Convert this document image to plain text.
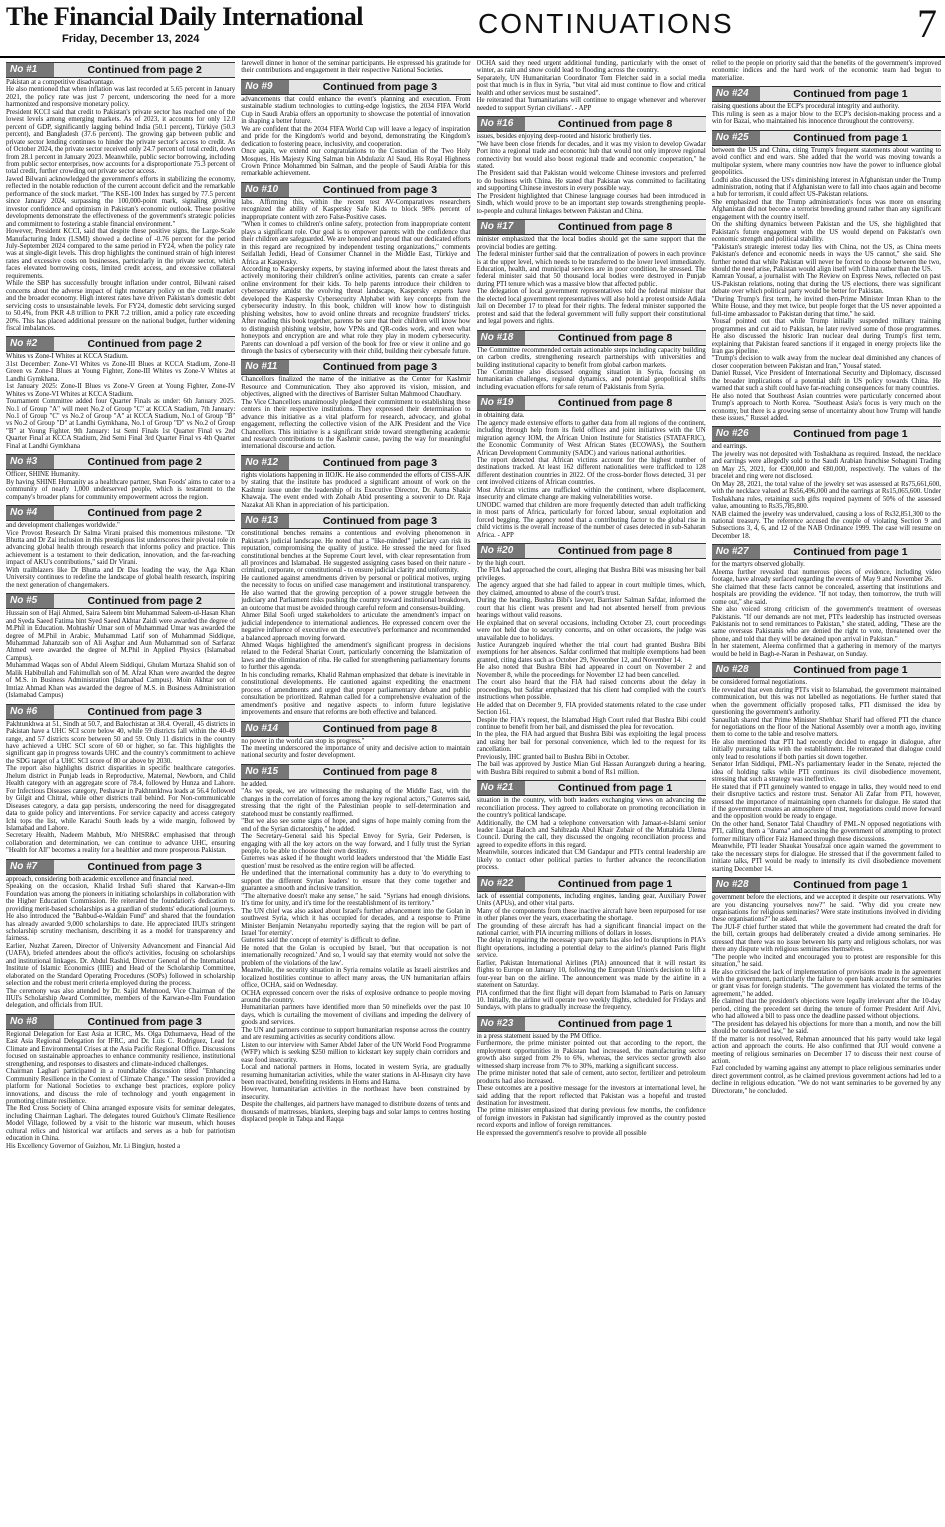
The Financial Daily International
Friday, December 13, 2024	CONTINUATIONS	7
No #1	Continued from page 2

Pakistan at a competitive disadvantage.

He also mentioned that when inflation was last recorded at 5.65 percent in January 2021, the policy rate was just 7 percent, underscoring the need for a more harmonized and responsive monetary policy.

President KCCI said that credit to Pakistan's private sector has reached one of the lowest levels among emerging markets. As of 2023, it accounts for only 12.0 percent of GDP, significantly lagging behind India (50.1 percent), Türkiye (50.3 percent), and Bangladesh (37.6 percent). The growing gap between public and private sector lending continues to hinder the private sector's access to credit. As of October 2024, the private sector received only 24.7 percent of total credit, down from 28.1 percent in January 2023. Meanwhile, public sector borrowing, including from public sector enterprises, now accounts for a disproportionate 75.3 percent of total credit, further crowding out private sector access.

Jawed Bilwani acknowledged the government's efforts in stabilizing the economy, reflected in the notable reduction of the current account deficit and the remarkable performance of the stock market. "The KSE-100 Index has surged by 77.5 percent since January 2024, surpassing the 100,000-point mark, signaling growing investor confidence and optimism in Pakistan's economic outlook. These positive developments demonstrate the effectiveness of the government's strategic policies and commitment to fostering a stable financial environment."

However, President KCCI, said that despite these positive signs, the Large-Scale Manufacturing Index (LSMI) showed a decline of -0.76 percent for the period July-September 2024 compared to the same period in FY24, when the policy rate was at single-digit levels. This drop highlights the continued strain of high interest rates and excessive costs on businesses, particularly in the private sector, which faces elevated borrowing costs, limited credit access, and excessive collateral requirements.

While the SBP has successfully brought inflation under control, Bilwani raised concerns about the adverse impact of tight monetary policy on the credit market and the broader economy. High interest rates have driven Pakistan's domestic debt servicing costs to unsustainable levels. For FY24, domestic debt servicing surged to 50.4%, from PKR 4.8 trillion to PKR 7.2 trillion, amid a policy rate exceeding 20%. This has placed additional pressure on the national budget, further widening fiscal imbalances.

No #2	Continued from page 2

Whites vs Zone-I Whites at KCCA Stadium.

31st December: Zone-VI Whites vs Zone-III Blues at KCCA Stadium, Zone-II Green vs Zone-I Blues at Young Fighter, Zone-III Whites vs Zone-V Whites at Landhi Gymkhana.

1st January 2025: Zone-II Blues vs Zone-V Green at Young Fighter, Zone-IV Whites vs Zone-VI Whites at KCCA Stadium.

Tournament Committee added four Quarter Finals as under: 6th January 2025. No.1 of Group "A" will meet No.2 of Group "C" at KCCA Stadium, 7th January: No.1 of Group "C" vs No.2 of Group "A" at KCCA Stadium, No.1 of Group "B" vs No.2 of Group "D" at Landhi Gymkhana, No.1 of Group "D" vs No.2 of Group "B" at Young Fighter. 9th January: 1st Semi Finals 1st Quarter Final vs 2nd Quarter Final at KCCA Stadium, 2nd Semi Final 3rd Quarter Final vs 4th Quarter Final at Landhi Gymkhana

No #3	Continued from page 2

Officer, SHINE Humanity.

By having SHINE Humanity as a healthcare partner, Shan Foods' aims to cater to a community of nearly 1,000 underserved people, which is testament to the company's broader plans for community empowerment across the region.

No #4	Continued from page 2

and development challenges worldwide."

Vice Provost Research Dr Salma Virani praised this momentous milestone. "Dr Bhutta and Dr Zai inclusion in this prestigious list underscores their pivotal role in advancing global health through research that informs policy and practice. This achievement is a testament to their dedication, innovation, and the far-reaching impact of AKU's contributions," said Dr Virani.

With trailblazers like Dr Bhutta and Dr Das leading the way, the Aga Khan University continues to redefine the landscape of global health research, inspiring the next generation of changemakers.

No #5	Continued from page 2

Hussain son of Haji Ahmed, Saira Saleem bint Muhammad Saleem-ul-Hasan Khan and Syeda Saeed Fatima bint Syed Saeed Akhtar Zaidi were awarded the degree of M.Phil in Education. Mohtashir Umar son of Muhammad Umar was awarded the degree of M.Phil in Arabic. Muhammad Latif son of Muhammad Siddique, Muhammad Jahanzaib son of Ali Asghar and Aun Muhammad son of Sarfaraz Ahmed were awarded the degree of M.Phil in Applied Physics (Islamabad Campus).

Muhammad Waqas son of Abdul Aleem Siddiqui, Ghulam Murtaza Shahid son of Malik Habibullah and Fahimullah son of M. Afzal Khan were awarded the degree of M.S. in Business Administration (Islamabad Campus). Moin Akhtar son of Imtiaz Ahmad Khan was awarded the degree of M.S. in Business Administration (Islamabad Campus)

No #6	Continued from page 3

Pakhtunkhwa at 51, Sindh at 50.7, and Balochistan at 38.4. Overall, 45 districts in Pakistan have a UHC SCI score below 40, while 59 districts fall within the 40-49 range, and 57 districts score between 50 and 59. Only 11 districts in the country have achieved a UHC SCI score of 60 or higher, so far. This highlights the significant gap in progress towards UHC and the country's commitment to achieve the SDG target of a UHC SCI score of 80 or above by 2030.

The report also highlights district disparities in specific healthcare categories. Jhelum district in Punjab leads in Reproductive, Maternal, Newborn, and Child Health category with an aggregate score of 78.4, followed by Hunza and Lahore. For Infectious Diseases category, Peshawar in Pakhtunkhwa leads at 56.4 followed by Gilgit and Chitral, while other districts trail behind. For Non-communicable Diseases category, a data gap persists, underscoring the need for disaggregated data to guide policy and interventions. For service capacity and access category Ichi tops the list, while Karachi South leads by a wide margin, followed by Islamabad and Lahore.

Secretary Health, Nadeem Mahbub, M/o NHSR&C emphasised that through collaboration and determination, we can continue to advance UHC, ensuring "Health for All" becomes a reality for a healthier and more prosperous Pakistan.

No #7	Continued from page 3

approach, considering both academic excellence and financial need.

Speaking on the occasion, Khalid Irshad Sufi shared that Karwan-e-Ilm Foundation was among the pioneers in initiating scholarships in collaboration with the Higher Education Commission. He reiterated the foundation's dedication to providing merit-based scholarships as a guardian of students' educational journeys. He also introduced the "Bahbud-e-Waldain Fund" and shared that the foundation has already awarded 9,000 scholarships to date. He appreciated IIUI's stringent scholarship scrutiny mechanism, describing it as a model for transparency and fairness.

Earlier, Nuzhat Zareen, Director of University Advancement and Financial Aid (UAFA), briefed attendees about the office's activities, focusing on scholarships and institutional linkages. Dr. Abdul Rashid, Director General of the International Institute of Islamic Economics (IIIE) and Head of the Scholarship Committee, elaborated on the Standard Operating Procedures (SOPs) followed in scholarship selection and the robust merit criteria employed during the process.

The ceremony was also attended by Dr. Sajid Mehmood, Vice Chairman of the IIUI's Scholarship Award Committee, members of the Karwan-e-Ilm Foundation delegation, and officials from IIUI.

No #8	Continued from page 3

Regional Delegation for East Asia at ICRC, Ms. Olga Dzhumaeva, Head of the East Asia Regional Delegation for IFRC, and Dr. Luis C. Rodriguez, Lead for Climate and Environmental Crises at the Asia Pacific Regional Office. Discussions focused on sustainable approaches to enhance community resilience, institutional strengthening, and responses to disasters and climate-induced challenges.

Chairman Laghari participated in a roundtable discussion titled "Enhancing Community Resilience in the Context of Climate Change." The session provided a platform for National Societies to exchange best practices, explore policy innovations, and discuss the role of technology and youth engagement in promoting climate resilience.

The Red Cross Society of China arranged exposure visits for seminar delegates, including Chairman Laghari. The delegates toured Guizhou's Climate Resilience Model Village, followed by a visit to the historic war museum, which houses cultural relics and historical war artifacts and serves as a hub for patriotism education in China.

His Excellency Governor of Guizhou, Mr. Li Bingjun, hosted a

farewell dinner in honor of the seminar participants. He expressed his gratitude for their contributions and engagement in their respective National Societies.

No #9	Continued from page 3

advancements that could enhance the event's planning and execution. From sustainable stadium technologies to cutting-edge logistics, the 2034 FIFA World Cup in Saudi Arabia offers an opportunity to showcase the potential of innovation in shaping a better future.

We are confident that the 2034 FIFA World Cup will leave a legacy of inspiration and pride for the Kingdom's world and beyond, demonstrating the Kingdom's dedication to fostering peace, inclusivity, and cooperation.

Once again, we extend our congratulations to the Custodian of the Two Holy Mosques, His Majesty King Salman bin Abdulaziz Al Saud, His Royal Highness Crown Prince Mohammed bin Salman, and the people of Saudi Arabia for this remarkable achievement.

No #10	Continued from page 3

labs. Affirming this, within the recent test AV-Comparatives researchers recognized the ability of Kaspersky Safe Kids to block 98% percent of inappropriate content with zero False-Positive cases.

"When it comes to children's online safety, protection from inappropriate content plays a significant role. Our goal is to empower parents with the confidence that their children are safeguarded. We are honored and proud that our dedicated efforts in this regard are recognized by independent testing organizations," comments Seifallah Jedidi, Head of Consumer Channel in the Middle East, Türkiye and Africa at Kaspersky.

According to Kaspersky experts, by staying informed about the latest threats and actively monitoring their children's online activities, parents can create a safer online environment for their kids. To help parents introduce their children to cybersecurity amidst the evolving threat landscape, Kaspersky experts have developed the Kaspersky Cybersecurity Alphabet with key concepts from the cybersecurity industry. In this book, children will know how to distinguish phishing websites, how to avoid online threats and recognize fraudsters' tricks. After reading this book together, parents be sure that their children will know how to distinguish phishing website, how VPNs and QR-codes work, and even what honeypots and encryption are and what role they play in modern cybersecurity. Parents can download a pdf version of the book for free or view it online and go through the basics of cybersecurity with their child, building their cybersafe future.

No #11	Continued from page 3

Chancellors finalized the name of the initiative as the Center for Kashmir Resource and Communication. They also approved its vision, mission, and objectives, aligned with the directives of Barrister Sultan Mahmood Chaudhary.

The Vice Chancellors unanimously pledged their commitment to establishing these centers in their respective institutions. They expressed their determination to advance this initiative as a vital platform for research, advocacy, and global engagement, reflecting the collective vision of the AJK President and the Vice Chancellors. This initiative is a significant stride toward strengthening academic and research contributions to the Kashmir cause, paving the way for meaningful international discourse and action.

No #12	Continued from page 3

rights violations happening in IIOJK. He also commended the efforts of CISS-AJK by stating that the institute has produced a significant amount of work on the Kashmir issue under the leadership of its Executive Director, Dr. Asma Shakir Khawaja. The event ended with Zohaib Abid presenting a souvenir to Dr. Raja Nazakat Ali Khan in appreciation of his participation.

No #13	Continued from page 3

constitutional benches remains a contentious and evolving phenomenon in Pakistan's judicial landscape. He noted that a "like-minded" judiciary can risk its reputation, compromising the quality of justice. He stressed the need for fixed constitutional benches at the Supreme Court level, with clear representation from all provinces and Islamabad. He suggested assigning cases based on their nature - criminal, corporate, or constitutional - to ensure judicial clarity and uniformity.

He cautioned against amendments driven by personal or political motives, urging the necessity to focus on unified case management and institutional transparency. He also warned that the growing perception of a power struggle between the judiciary and Parliament risks pushing the country toward institutional breakdown, an outcome that must be avoided through careful reform and consensus-building.

Ahmer Bilal Soofi urged stakeholders to articulate the amendment's impact on judicial independence to international audiences. He expressed concern over the negative influence of executive on the executive's performance and recommended a balanced approach moving forward.

Ahmed Waqas highlighted the amendment's significant progress in decisions related to the Federal Shariat Court, particularly concerning the Islamization of laws and the elimination of riba. He called for strengthening parliamentary forums to further this agenda.

In his concluding remarks, Khalid Rahman emphasized that debate is inevitable in constitutional developments. He cautioned against expediting the enactment process of amendments and urged that proper parliamentary debate and public consultation be prioritized. Rahman called for a comprehensive evaluation of the amendment's positive and negative aspects to inform future legislative improvements and ensure that reforms are both effective and balanced.

No #14	Continued from page 8

no power in the world can stop its progress."

The meeting underscored the importance of unity and decisive action to maintain national security and foster development.

No #15	Continued from page 8

he added.

"As we speak, we are witnessing the reshaping of the Middle East, with the changes in the correlation of forces among the key regional actors," Guterres said, stressing that the right of the Palestinian people to self-determination and statehood must be constantly reaffirmed.

"But we also see some signs of hope, and signs of hope mainly coming from the end of the Syrian dictatorship," he added.

The Secretary-General said his Special Envoy for Syria, Geir Pedersen, is engaging with all the key actors on the way forward, and I fully trust the Syrian people, to be able to choose their own destiny.

Guterres was asked if he thought world leaders understood that 'the Middle East question' must be resolved as the entire region will be affected.

He underlined that the international community has a duty to 'do everything to support the different Syrian leaders' to ensure that they come together and guarantee a smooth and inclusive transition.

"The alternative doesn't make any sense," he said. "Syrians had enough divisions. It's time for unity, and it's time for the reestablishment of its territory."

The UN chief was also asked about Israel's further advancement into the Golan in southwest Syria, which it has occupied for decades, and a response to Prime Minister Benjamin Netanyahu reportedly saying that the region will be part of Israel 'for eternity'.

Guterres said the concept of eternity' is difficult to define.

He noted that the Golan is occupied by Israel, 'but that occupation is not internationally recognized.' And so, I would say that eternity would not solve the problem of the violations of the law'.

Meanwhile, the security situation in Syria remains volatile as Israeli airstrikes and localized hostilities continue to affect many areas, the UN humanitarian affairs office, OCHA, said on Wednesday.

OCHA expressed concern over the risks of explosive ordnance to people moving around the country.

Humanitarian partners have identified more than 50 minefields over the past 10 days, which is curtailing the movement of civilians and impeding the delivery of goods and services.

The UN and partners continue to support humanitarian response across the country and are resuming activities as security conditions allow.

Listen to our interview with Samer Abdel Jaber of the UN World Food Programme (WFP) which is seeking $250 million to kickstart key supply chain corridors and ease food insecurity.

Local and national partners in Homs, located in western Syria, are gradually resuming humanitarian activities, while the water stations in Al-Husayn city have been reactivated, benefiting residents in Homs and Hama.

However, humanitarian activities in the northeast have been constrained by insecurity.

Despite the challenges, aid partners have managed to distribute dozens of tents and thousands of mattresses, blankets, sleeping bags and solar lamps to centres hosting displaced people in Tabqa and Raqqa

OCHA said they need urgent additional funding, particularly with the onset of winter, as rain and snow could lead to flooding across the country.

Separately, UN Humanitarian Coordinator Tom Fletcher said in a social media post that much is in flux in Syria, "but vital aid must continue to flow and critical health and other services must be sustained".

He reiterated that 'humanitarians will continue to engage whenever and wherever needed to support Syrian civilians'. - APP

No #16	Continued from page 8

issues, besides enjoying deep-rooted and historic brotherly ties.

"We have been close friends for decades, and it was my vision to develop Gwadar Port into a regional trade and economic hub that would not only improve regional connectivity but would also boost regional trade and economic cooperation," he stated.

The President said that Pakistan would welcome Chinese investors and preferred to do business with China. He stated that Pakistan was committed to facilitating and supporting Chinese investors in every possible way.

The President highlighted that Chinese language courses had been introduced in Sindh, which would prove to be an important step towards strengthening people-to-people and cultural linkages between Pakistan and China.

No #17	Continued from page 8

minister emphasized that the local bodies should get the same support that the provincial bodies are getting.

The federal minister further said that the centralization of powers in each province is at the upper level, which needs to be transferred to the lower level immediately. Education, health, and municipal services are in poor condition, he stressed. The federal minister said that 50 thousand local bodies were destroyed in Punjab during PTI tenure which was a massive blow that affected public.

The delegation of local government representatives told the federal minister that the elected local government representatives will also hold a protest outside Adiala Jail on December 17 to plead for their rights. The federal minister supported the protest and said that the federal government will fully support their constitutional and legal powers and rights.

No #18	Continued from page 8

The Committee recommended certain actionable steps including capacity building on carbon credits, strengthening research partnerships with universities and building institutional capacity to benefit from global carbon markets.

The Committee also discussed ongoing situation in Syria, focusing on humanitarian challenges, regional dynamics, and potential geopolitical shifts including evacuation efforts for safe return of Pakistanis from Syria.

No #19	Continued from page 8

in obtaining data.

The agency made extensive efforts to gather data from all regions of the continent, including through help from its field offices and joint initiatives with the UN migration agency IOM, the African Union Institute for Statistics (STATAFRIC), the Economic Community of West African States (ECOWAS), the Southern African Development Community (SADC) and various national authorities.

The report detected that African victims account for the highest number of destinations tracked. At least 162 different nationalities were trafficked to 128 different destination countries in 2022. Of the cross-border flows detected, 31 per cent involved citizens of African countries.

Most African victims are trafficked within the continent, where displacement, insecurity and climate change are making vulnerabilities worse.

UNODC warned that children are more frequently detected than adult trafficking in most parts of Africa, particularly for forced labour, sexual exploitation and forced begging. The agency noted that a contributing factor to the global rise in child victims is the overall increase of the number of cases detected in sub-Saharan Africa. - APP

No #20	Continued from page 8

by the high court.

The FIA had approached the court, alleging that Bushra Bibi was misusing her bail privileges.

The agency argued that she had failed to appear in court multiple times, which, they claimed, amounted to abuse of the court's trust.

During the hearing, Bushra Bibi's lawyer, Barrister Salman Safdar, informed the court that his client was present and had not absented herself from previous hearings without valid reasons.

He explained that on several occasions, including October 23, court proceedings were not held due to security concerns, and on other occasions, the judge was unavailable due to holidays.

Justice Aurangzeb inquired whether the trial court had granted Bushra Bibi exemptions for her absences. Safdar confirmed that multiple exemptions had been granted, citing dates such as October 29, November 12, and November 14.

He also noted that Bushra Bibi had appeared in court on November 2 and November 8, while the proceedings for November 12 had been cancelled.

The court also heard that the FIA had raised concerns about the delay in proceedings, but Safdar emphasized that his client had complied with the court's instructions when possible.

He added that on December 9, FIA provided statements related to the case under Section 161.

Despite the FIA's request, the Islamabad High Court ruled that Bushra Bibi could continue to benefit from her bail, and dismissed the plea for revocation.

In the plea, the FIA had argued that Bushra Bibi was exploiting the legal process and using her bail for personal convenience, which led to the request for its cancellation.

Previously, IHC granted bail to Bushra Bibi in October.

The bail was approved by Justice Mian Gul Hassan Aurangzeb during a hearing, with Bushra Bibi required to submit a bond of Rs1 million.

No #21	Continued from page 1

situation in the country, with both leaders exchanging views on advancing the reconciliation process. They agreed to collaborate on promoting reconciliation in the country's political landscape.

Additionally, the CM had a telephone conversation with Jamaat-e-Islami senior leader Liaqat Baloch and Sahibzada Abul Khair Zubair of the Muttahida Ulema Council. During the call, they discussed the ongoing reconciliation process and agreed to expedite efforts in this regard.

Meanwhile, sources indicated that CM Gandapur and PTI's central leadership are likely to contact other political parties to further advance the reconciliation process.

No #22	Continued from page 1

lack of essential components, including engines, landing gear, Auxiliary Power Units (APUs), and other vital parts.

Many of the components from these inactive aircraft have been repurposed for use in other planes over the years, exacerbating the shortage.

The grounding of these aircraft has had a significant financial impact on the national carrier, with PIA incurring millions of dollars in losses.

The delay in repairing the necessary spare parts has also led to disruptions in PIA's flight operations, including a potential delay to the airline's planned Paris flight service.

Earlier, Pakistan International Airlines (PIA) announced that it will restart its flights to Europe on January 10, following the European Union's decision to lift a four-year ban on the airline. The announcement was made by the airline in a statement on Saturday.

PIA confirmed that the first flight will depart from Islamabad to Paris on January 10. Initially, the airline will operate two weekly flights, scheduled for Fridays and Sundays, with plans to gradually increase the frequency.

No #23	Continued from page 1

in a press statement issued by the PM Office.

Furthermore, the prime minister pointed out that according to the report, the employment opportunities in Pakistan had increased, the manufacturing sector growth also surged from 2% to 6%, whereas, the services sector growth also witnessed sharp increase from 7% to 30%, marking a significant success.

The prime minister noted that sale of cement, auto sector, fertilizer and petroleum products had also increased.

These outcomes are a positive message for the investors at international level, he said adding that the report reflected that Pakistan was a hopeful and trusted destination for investment.

The prime minister emphasized that during previous few months, the confidence of foreign investors in Pakistan had significantly improved as the country posted record exports and inflow of foreign remittances.

He expressed the government's resolve to provide all possible

relief to the people on priority said that the benefits of the government's improved economic indices and the hard work of the economic team had begun to materialize.

No #24	Continued from page 1

raising questions about the ECP's procedural integrity and authority.

This ruling is seen as a major blow to the ECP's decision-making process and a win for Bazai, who maintained his innocence throughout the controversy.

No #25	Continued from page 1

between the US and China, citing Trump's frequent statements about wanting to avoid conflict and end wars. She added that the world was moving towards a multipolar system, where many countries now have the power to influence global geopolitics.

Lodhi also discussed the US's diminishing interest in Afghanistan under the Trump administration, noting that if Afghanistan were to fall into chaos again and become a hub for terrorism, it could affect US-Pakistan relations.

She emphasized that the Trump administration's focus was more on ensuring Afghanistan did not become a terrorist breeding ground rather than any significant engagement with the country itself.

On the shifting dynamics between Pakistan and the US, she highlighted that Pakistan's future engagement with the US would depend on Pakistan's own economic strength and political stability.

"Pakistan's strategic interest today lies with China, not the US, as China meets Pakistan's defence and economic needs in ways the US cannot," she said. She further noted that while Pakistan will never be forced to choose between the two, should the need arise, Pakistan would align itself with China rather than the US.

Kamran Yousaf, a journalist with The Review on Express News, reflected on past US-Pakistan relations, noting that during the US elections, there was significant debate over which political party would be better for Pakistan.

"During Trump's first term, he invited then-Prime Minister Imran Khan to the White House, and they met twice, but people forget that the US never appointed a full-time ambassador to Pakistan during that time," he said.

Yousaf pointed out that while Trump initially suspended military training programmes and cut aid to Pakistan, he later revived some of those programmes. He also discussed the historic Iran nuclear deal during Trump's first term, explaining that Pakistan feared sanctions if it engaged in energy projects like the Iran gas pipeline.

"Trump's decision to walk away from the nuclear deal diminished any chances of closer cooperation between Pakistan and Iran," Yousaf stated.

Daniel Russel, Vice President of International Security and Diplomacy, discussed the broader implications of a potential shift in US policy towards China. He warned that such a shift could have far-reaching consequences for many countries.

He also noted that Southeast Asian countries were particularly concerned about Trump's approach to North Korea. "Southeast Asia's focus is very much on the economy, but there is a growing sense of uncertainty about how Trump will handle these issues," Russel added.

No #26	Continued from page 1

and earrings.

The jewelry was not deposited with Toshakhana as required. Instead, the necklace and earrings were allegedly sold to the Saudi Arabian franchise Sohaguni Trading on May 25, 2021, for €300,000 and €80,000, respectively. The values of the bracelet and ring were not disclosed.

On May 28, 2021, the total value of the jewelry set was assessed at Rs75,661,600, with the necklace valued at Rs56,496,000 and the earrings at Rs15,065,600. Under Toshakhana rules, retaining such gifts required payment of 50% of the assessed value, amounting to Rs35,785,800.

NAB claimed the jewelry was undervalued, causing a loss of Rs32,851,300 to the national treasury. The reference accused the couple of violating Section 9 and Subsections 3, 4, 6, and 12 of the NAB Ordinance 1999. The case will resume on December 18.

No #27	Continued from page 1

for the martyrs observed globally.

Aleema further revealed that numerous pieces of evidence, including video footage, have already surfaced regarding the events of May 9 and November 26.

She claimed that these facts cannot be concealed, asserting that institutions and hospitals are providing the evidence. "If not today, then tomorrow, the truth will come out," she said.

She also voiced strong criticism of the government's treatment of overseas Pakistanis. "If our demands are not met, PTI's leadership has instructed overseas Pakistanis not to send remittances to Pakistan," she stated, adding, "These are the same overseas Pakistanis who are denied the right to vote, threatened over the phone, and told that they will be detained upon arrival in Pakistan."

In her statement, Aleema confirmed that a gathering in memory of the martyrs would be held in Bagh-e-Naran in Peshawar, on Sunday.

No #28	Continued from page 1

be considered formal negotiations.

He revealed that even during PTI's visit to Islamabad, the government maintained communication, but this was not labelled as negotiations. He further stated that when the government officially proposed talks, PTI dismissed the idea by questioning the government's authority.

Sanaullah shared that Prime Minister Shehbaz Sharif had offered PTI the chance for negotiations on the floor of the National Assembly over a month ago, inviting them to come to the table and resolve matters.

He also mentioned that PTI had recently decided to engage in dialogue, after initially pursuing talks with the establishment. He reiterated that dialogue could only lead to resolutions if both parties sit down together.

Senator Irfan Siddiqui, PML-N's parliamentary leader in the Senate, rejected the idea of holding talks while PTI continues its civil disobedience movement, stressing that such a strategy was ineffective.

He stated that if PTI genuinely wanted to engage in talks, they would need to end their disruptive tactics and restore trust. Senator Ali Zafar from PTI, however, stressed the importance of maintaining open channels for dialogue. He stated that if the government creates an atmosphere of trust, negotiations could move forward and the opposition would be ready to engage.

On the other hand, Senator Talal Chaudhry of PML-N opposed negotiations with PTI, calling them a "drama" and accusing the government of attempting to protect former military officer Faiz Hameed through these discussions.

Meanwhile, PTI leader Shaukat Yousafzai once again warned the government to take the necessary steps for dialogue. He stressed that if the government failed to initiate talks, PTI would be ready to intensify its civil disobedience movement starting December 14.

No #28	Continued from page 1

government before the elections, and we accepted it despite our reservations. Why are you distancing yourselves now?" he said. "Why did you create new organisations for religious seminaries? Were state institutions involved in dividing these organisations?" he asked.

The JUI-F chief further stated that while the government had created the draft for the bill, certain groups had deliberately created a divide among seminaries. He stressed that there was no issue between his party and religious scholars, nor was there any dispute with religious seminaries themselves.

"The people who incited and encouraged you to protest are responsible for this situation," he said.

He also criticised the lack of implementation of provisions made in the agreement with the government, particularly the failure to open bank accounts for seminaries or grant visas for foreign students. "The government has violated the terms of the agreement," he added.

He claimed that the president's objections were legally irrelevant after the 10-day period, citing the precedent set during the tenure of former President Arif Alvi, who had allowed a bill to pass once the deadline passed without objections.

"The president has delayed his objections for more than a month, and now the bill should be considered law," he said.

If the matter is not resolved, Rehman announced that his party would take legal action and approach the courts. He also confirmed that JUI would convene a meeting of religious seminaries on December 17 to discuss their next course of action.

Fazl concluded by warning against any attempt to place religious seminaries under direct government control, as he claimed previous government actions had led to a decline in religious education. "We do not want seminaries to be governed by any Directorate," he concluded.
